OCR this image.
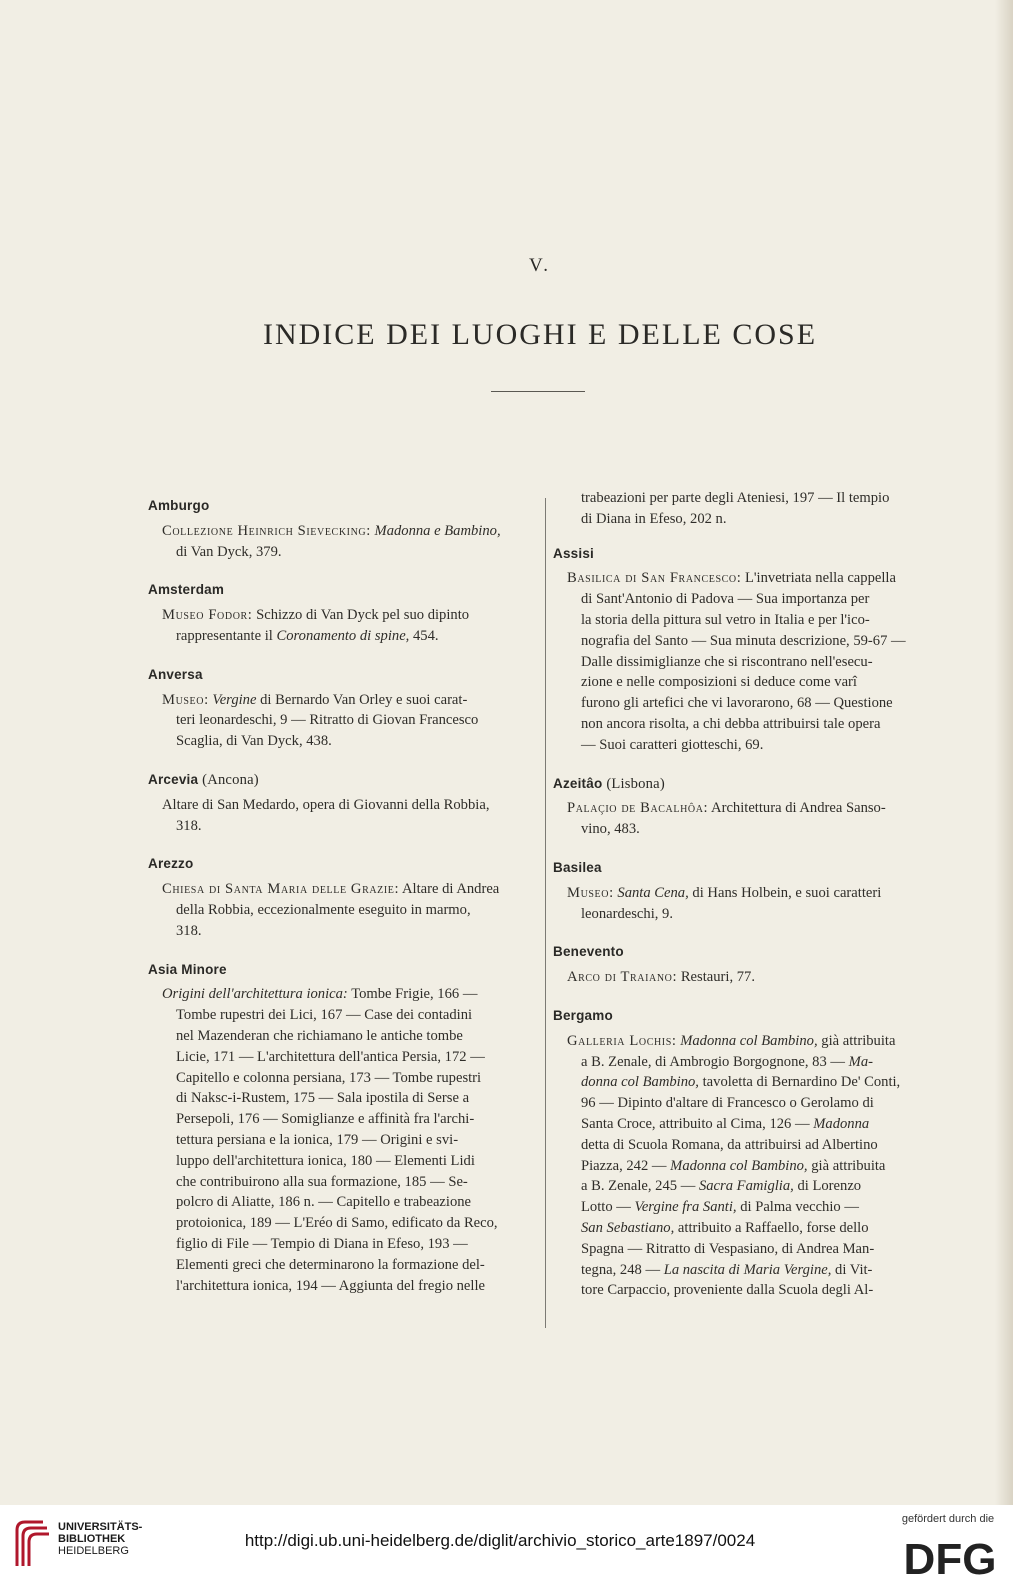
V.
INDICE DEI LUOGHI E DELLE COSE
Amburgo

Collezione Heinrich Sievecking: Madonna e Bambino,

di Van Dyck, 379.

Amsterdam

Museo Fodor: Schizzo di Van Dyck pel suo dipinto

rappresentante il Coronamento di spine, 454.

Anversa

Museo: Vergine di Bernardo Van Orley e suoi carat-

teri leonardeschi, 9 — Ritratto di Giovan Francesco

Scaglia, di Van Dyck, 438.

Arcevia (Ancona)

Altare di San Medardo, opera di Giovanni della Robbia,

318.

Arezzo

Chiesa di Santa Maria delle Grazie: Altare di Andrea

della Robbia, eccezionalmente eseguito in marmo,

318.

Asia Minore

Origini dell'architettura ionica: Tombe Frigie, 166 —

Tombe rupestri dei Lici, 167 — Case dei contadini

nel Mazenderan che richiamano le antiche tombe

Licie, 171 — L'architettura dell'antica Persia, 172 —

Capitello e colonna persiana, 173 — Tombe rupestri

di Naksc-i-Rustem, 175 — Sala ipostila di Serse a

Persepoli, 176 — Somiglianze e affinità fra l'archi-

tettura persiana e la ionica, 179 — Origini e svi-

luppo dell'architettura ionica, 180 — Elementi Lidi

che contribuirono alla sua formazione, 185 — Se-

polcro di Aliatte, 186 n. — Capitello e trabeazione

protoionica, 189 — L'Eréo di Samo, edificato da Reco,

figlio di File — Tempio di Diana in Efeso, 193 —

Elementi greci che determinarono la formazione del-

l'architettura ionica, 194 — Aggiunta del fregio nelle

trabeazioni per parte degli Ateniesi, 197 — Il tempio

di Diana in Efeso, 202 n.

Assisi

Basilica di San Francesco: L'invetriata nella cappella

di Sant'Antonio di Padova — Sua importanza per

la storia della pittura sul vetro in Italia e per l'ico-

nografia del Santo — Sua minuta descrizione, 59-67 —

Dalle dissimiglianze che si riscontrano nell'esecu-

zione e nelle composizioni si deduce come varî

furono gli artefici che vi lavorarono, 68 — Questione

non ancora risolta, a chi debba attribuirsi tale opera

— Suoi caratteri giotteschi, 69.

Azeitâo (Lisbona)

Palaçio de Bacalhôa: Architettura di Andrea Sanso-

vino, 483.

Basilea

Museo: Santa Cena, di Hans Holbein, e suoi caratteri

leonardeschi, 9.

Benevento

Arco di Traiano: Restauri, 77.

Bergamo

Galleria Lochis: Madonna col Bambino, già attribuita

a B. Zenale, di Ambrogio Borgognone, 83 — Ma-

donna col Bambino, tavoletta di Bernardino De' Conti,

96 — Dipinto d'altare di Francesco o Gerolamo di

Santa Croce, attribuito al Cima, 126 — Madonna

detta di Scuola Romana, da attribuirsi ad Albertino

Piazza, 242 — Madonna col Bambino, già attribuita

a B. Zenale, 245 — Sacra Famiglia, di Lorenzo

Lotto — Vergine fra Santi, di Palma vecchio —

San Sebastiano, attribuito a Raffaello, forse dello

Spagna — Ritratto di Vespasiano, di Andrea Man-

tegna, 248 — La nascita di Maria Vergine, di Vit-

tore Carpaccio, proveniente dalla Scuola degli Al-

UNIVERSITÄTS-
BIBLIOTHEK
HEIDELBERG
http://digi.ub.uni-heidelberg.de/diglit/archivio_storico_arte1897/0024
gefördert durch die
DFG
